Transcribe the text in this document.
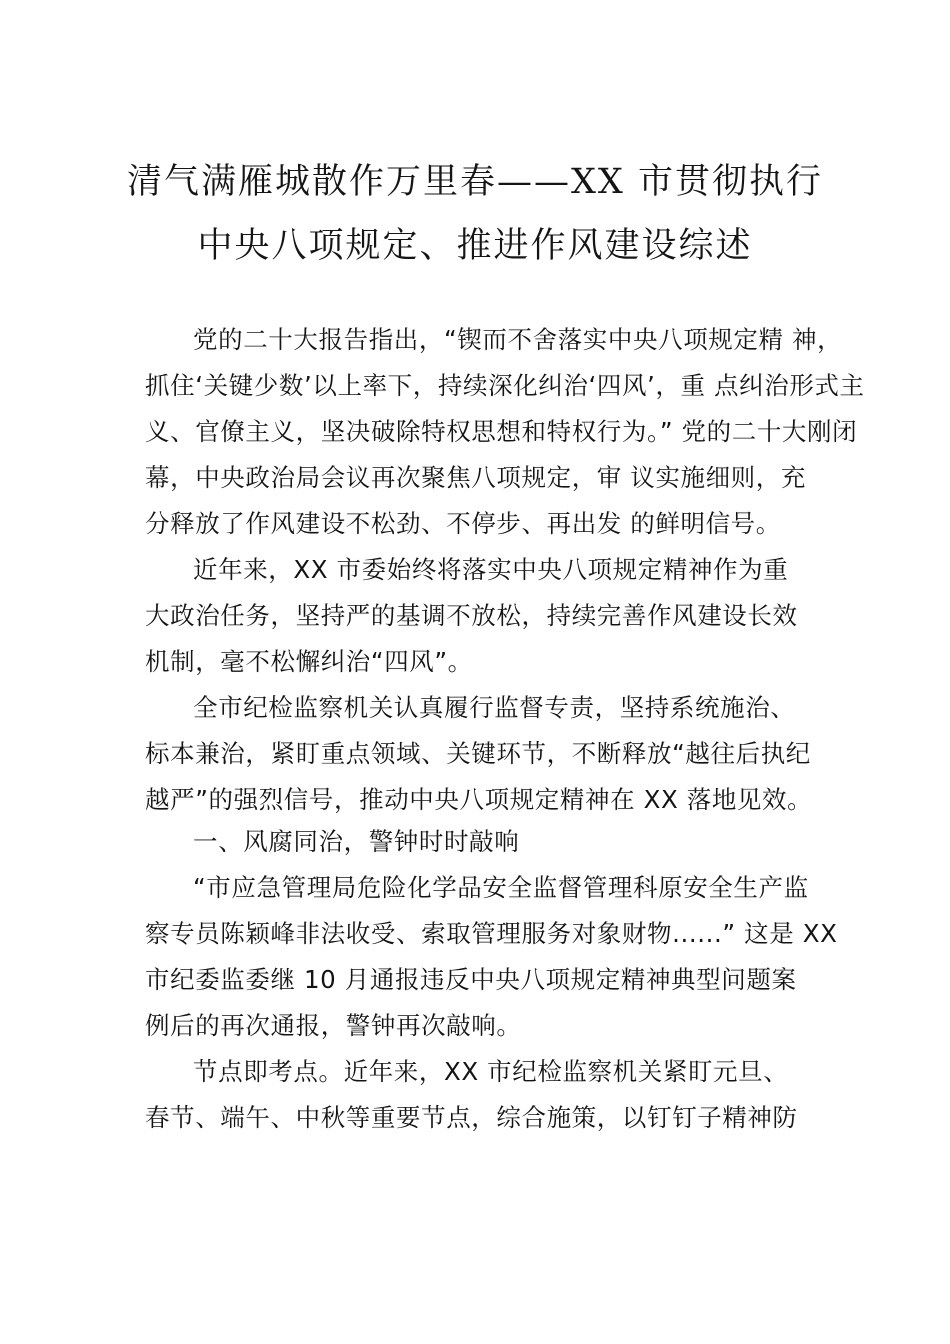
清气满雁城散作万里春——XX 市贯彻执行
中央八项规定、推进作风建设综述
党的二十大报告指出，“锲而不舍落实中央八项规定精 神，
抓住‘关键少数’以上率下，持续深化纠治‘四风’，重 点纠治形式主
义、官僚主义，坚决破除特权思想和特权行为。” 党的二十大刚闭
幕，中央政治局会议再次聚焦八项规定，审 议实施细则，充
分释放了作风建设不松劲、不停步、再出发 的鲜明信号。
近年来，XX 市委始终将落实中央八项规定精神作为重
大政治任务，坚持严的基调不放松，持续完善作风建设长效
机制，毫不松懈纠治“四风”。
全市纪检监察机关认真履行监督专责，坚持系统施治、
标本兼治，紧盯重点领域、关键环节，不断释放“越往后执纪
越严”的强烈信号，推动中央八项规定精神在 XX 落地见效。
一、风腐同治，警钟时时敲响
“市应急管理局危险化学品安全监督管理科原安全生产监
察专员陈颖峰非法收受、索取管理服务对象财物......” 这是 XX
市纪委监委继 10 月通报违反中央八项规定精神典型问题案
例后的再次通报，警钟再次敲响。
节点即考点。近年来，XX 市纪检监察机关紧盯元旦、
春节、端午、中秋等重要节点，综合施策，以钉钉子精神防
